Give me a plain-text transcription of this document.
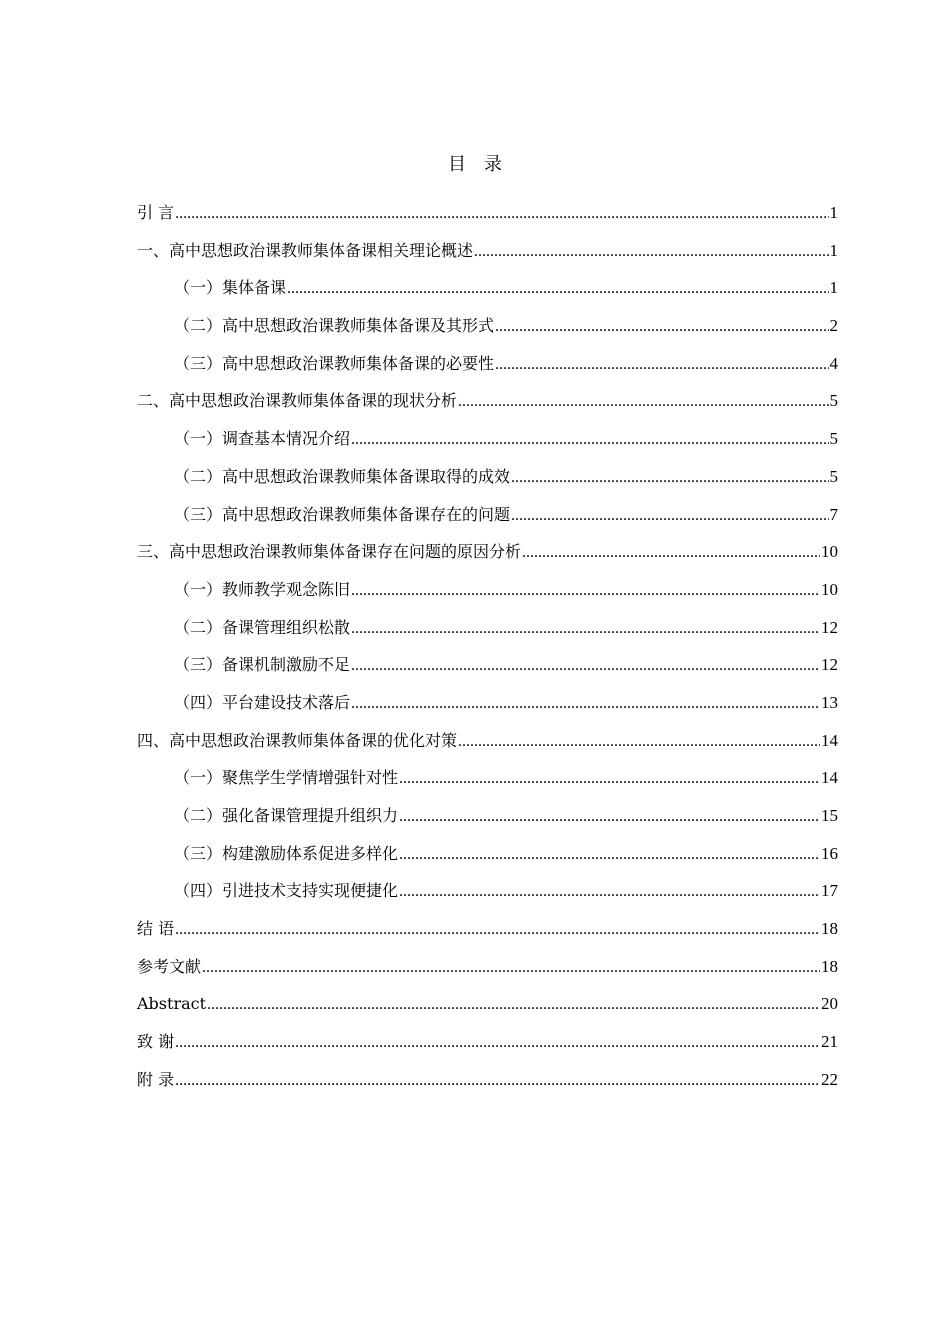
目　录
引 言 .....	1
一、高中思想政治课教师集体备课相关理论概述 .....	1
（一）集体备课 .....	1
（二）高中思想政治课教师集体备课及其形式 .....	2
（三）高中思想政治课教师集体备课的必要性 .....	4
二、高中思想政治课教师集体备课的现状分析 .....	5
（一）调查基本情况介绍 .....	5
（二）高中思想政治课教师集体备课取得的成效 .....	5
（三）高中思想政治课教师集体备课存在的问题 .....	7
三、高中思想政治课教师集体备课存在问题的原因分析 .....	10
（一）教师教学观念陈旧 .....	10
（二）备课管理组织松散 .....	12
（三）备课机制激励不足 .....	12
（四）平台建设技术落后 .....	13
四、高中思想政治课教师集体备课的优化对策 .....	14
（一）聚焦学生学情增强针对性 .....	14
（二）强化备课管理提升组织力 .....	15
（三）构建激励体系促进多样化 .....	16
（四）引进技术支持实现便捷化 .....	17
结 语 .....	18
参考文献 .....	18
Abstract .....	20
致 谢 .....	21
附 录 .....	22
